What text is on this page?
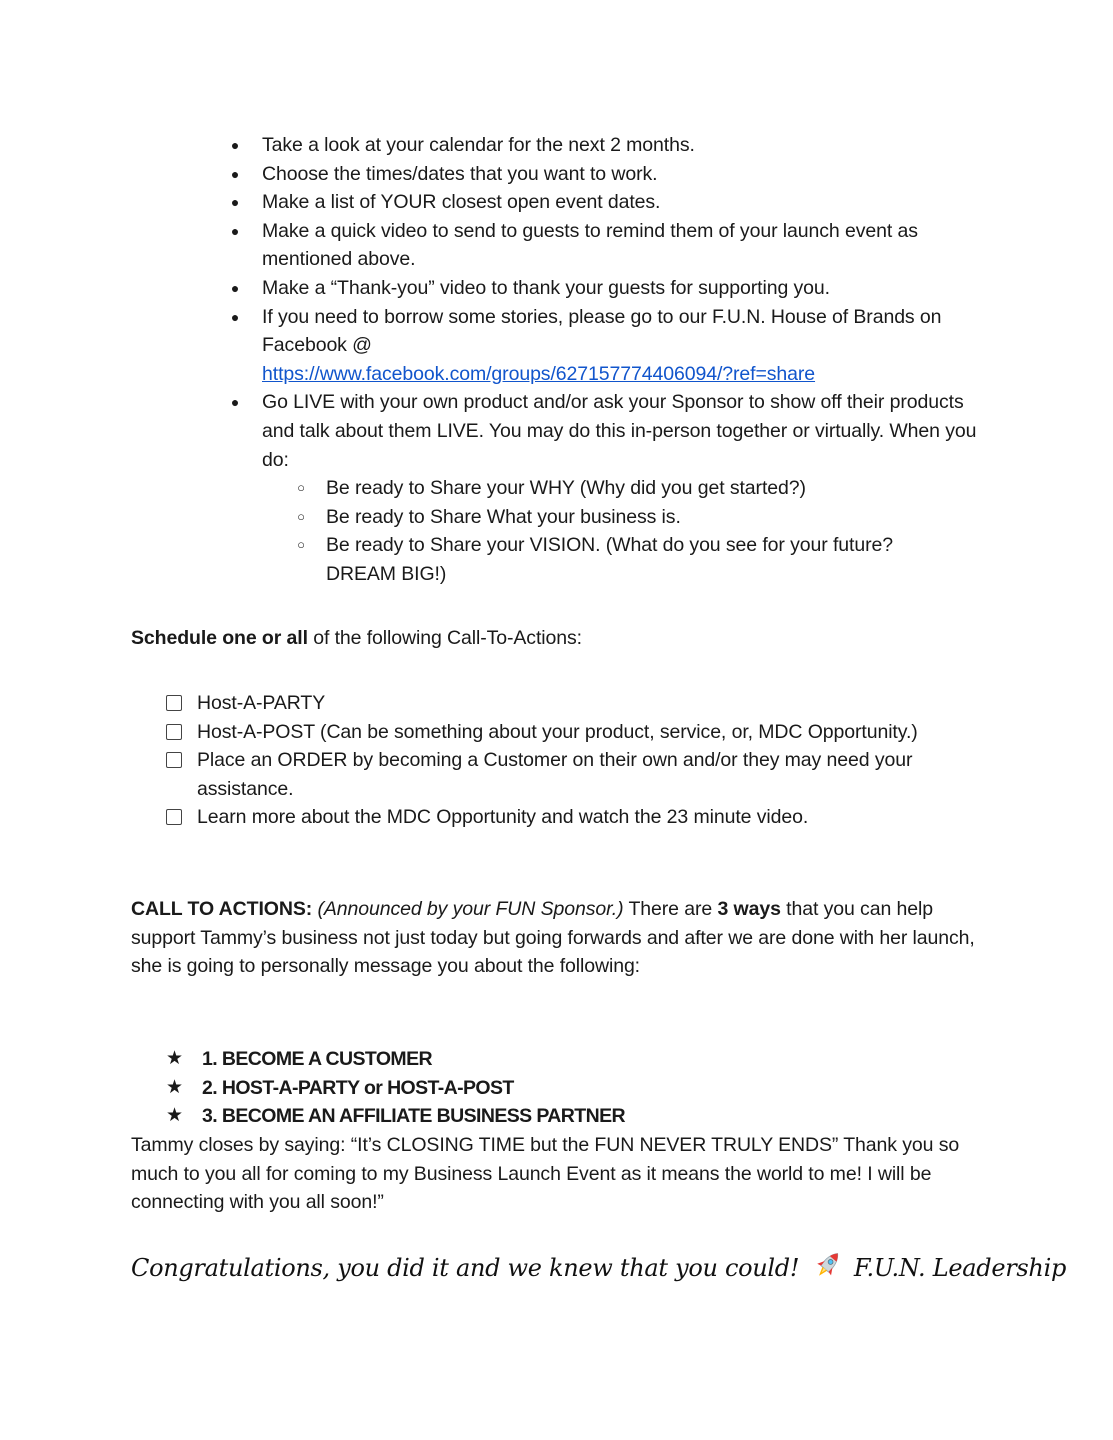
● Take a look at your calendar for the next 2 months.
● Choose the times/dates that you want to work.
● Make a list of YOUR closest open event dates.
● Make a quick video to send to guests to remind them of your launch event as mentioned above.
● Make a “Thank-you” video to thank your guests for supporting you.
● If you need to borrow some stories, please go to our F.U.N. House of Brands on Facebook @
https://www.facebook.com/groups/627157774406094/?ref=share
● Go LIVE with your own product and/or ask your Sponsor to show off their products and talk about them LIVE. You may do this in-person together or virtually. When you do:
○ Be ready to Share your WHY (Why did you get started?)
○ Be ready to Share What your business is.
○ Be ready to Share your VISION. (What do you see for your future? DREAM BIG!)

Schedule one or all of the following Call-To-Actions:

Host-A-PARTY
Host-A-POST (Can be something about your product, service, or, MDC Opportunity.)
Place an ORDER by becoming a Customer on their own and/or they may need your assistance.
Learn more about the MDC Opportunity and watch the 23 minute video.

CALL TO ACTIONS: (Announced by your FUN Sponsor.) There are 3 ways that you can help support Tammy’s business not just today but going forwards and after we are done with her launch, she is going to personally message you about the following:

★ 1. BECOME A CUSTOMER
★ 2. HOST-A-PARTY or HOST-A-POST
★ 3. BECOME AN AFFILIATE BUSINESS PARTNER

Tammy closes by saying: “It’s CLOSING TIME but the FUN NEVER TRULY ENDS” Thank you so much to you all for coming to my Business Launch Event as it means the world to me! I will be connecting with you all soon!”

Congratulations, you did it and we knew that you could! F.U.N. Leadership
